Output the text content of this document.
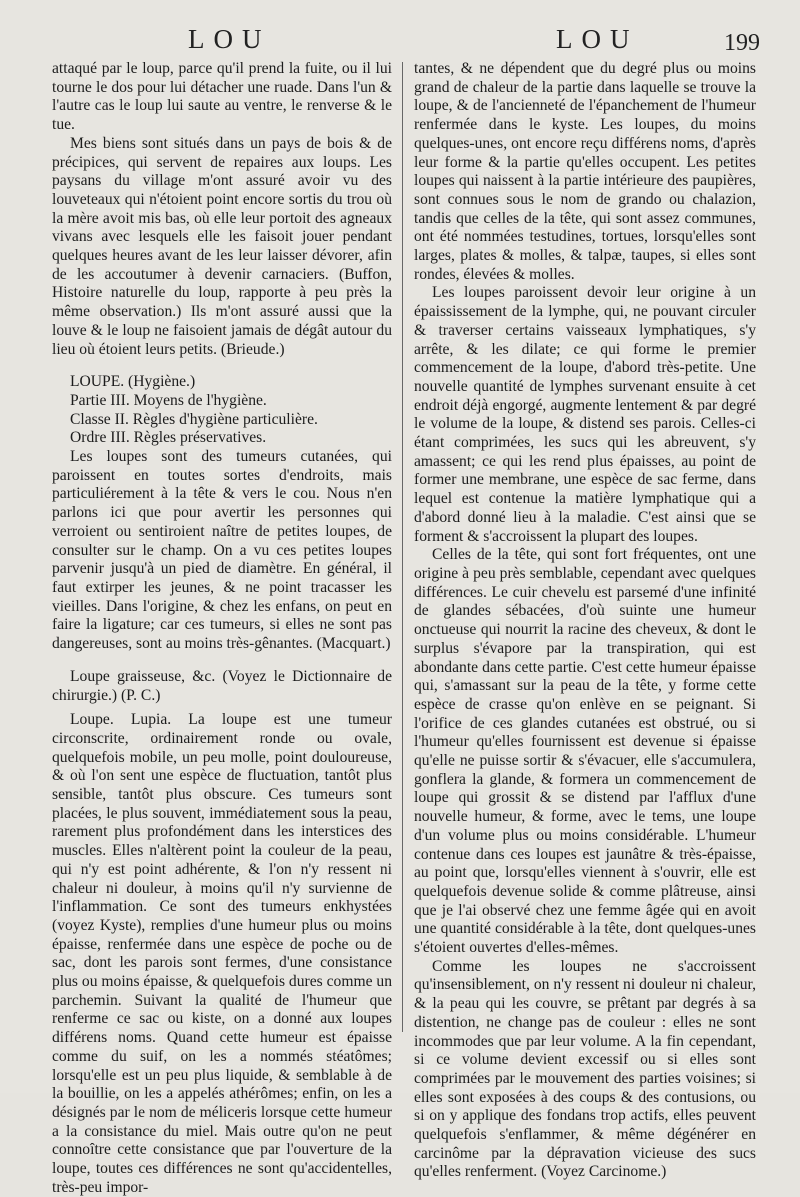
LOU	LOU	199

attaqué par le loup, parce qu'il prend la fuite, ou il lui tourne le dos pour lui détacher une ruade. Dans l'un & l'autre cas le loup lui saute au ventre, le renverse & le tue.

Mes biens sont situés dans un pays de bois & de précipices, qui servent de repaires aux loups. Les paysans du village m'ont assuré avoir vu des louveteaux qui n'étoient point encore sortis du trou où la mère avoit mis bas, où elle leur portoit des agneaux vivans avec lesquels elle les faisoit jouer pendant quelques heures avant de les leur laisser dévorer, afin de les accoutumer à devenir carnaciers. (Buffon, Histoire naturelle du loup, rapporte à peu près la même observation.) Ils m'ont assuré aussi que la louve & le loup ne faisoient jamais de dégât autour du lieu où étoient leurs petits. (Brieude.)

LOUPE. (Hygiène.)

Partie III. Moyens de l'hygiène.

Classe II. Règles d'hygiène particulière.

Ordre III. Règles préservatives.

Les loupes sont des tumeurs cutanées, qui paroissent en toutes sortes d'endroits, mais particuliérement à la tête & vers le cou. Nous n'en parlons ici que pour avertir les personnes qui verroient ou sentiroient naître de petites loupes, de consulter sur le champ. On a vu ces petites loupes parvenir jusqu'à un pied de diamètre. En général, il faut extirper les jeunes, & ne point tracasser les vieilles. Dans l'origine, & chez les enfans, on peut en faire la ligature; car ces tumeurs, si elles ne sont pas dangereuses, sont au moins très-gênantes. (Macquart.)

Loupe graisseuse, &c. (Voyez le Dictionnaire de chirurgie.) (P. C.)

Loupe. Lupia. La loupe est une tumeur circonscrite, ordinairement ronde ou ovale, quelquefois mobile, un peu molle, point douloureuse, & où l'on sent une espèce de fluctuation, tantôt plus sensible, tantôt plus obscure. Ces tumeurs sont placées, le plus souvent, immédiatement sous la peau, rarement plus profondément dans les interstices des muscles. Elles n'altèrent point la couleur de la peau, qui n'y est point adhérente, & l'on n'y ressent ni chaleur ni douleur, à moins qu'il n'y survienne de l'inflammation. Ce sont des tumeurs enkhystées (voyez Kyste), remplies d'une humeur plus ou moins épaisse, renfermée dans une espèce de poche ou de sac, dont les parois sont fermes, d'une consistance plus ou moins épaisse, & quelquefois dures comme un parchemin. Suivant la qualité de l'humeur que renferme ce sac ou kiste, on a donné aux loupes différens noms. Quand cette humeur est épaisse comme du suif, on les a nommés stéatômes; lorsqu'elle est un peu plus liquide, & semblable à de la bouillie, on les a appelés athérômes; enfin, on les a désignés par le nom de méliceris lorsque cette humeur a la consistance du miel. Mais outre qu'on ne peut connoître cette consistance que par l'ouverture de la loupe, toutes ces différences ne sont qu'accidentelles, très-peu impor-

tantes, & ne dépendent que du degré plus ou moins grand de chaleur de la partie dans laquelle se trouve la loupe, & de l'ancienneté de l'épanchement de l'humeur renfermée dans le kyste. Les loupes, du moins quelques-unes, ont encore reçu différens noms, d'après leur forme & la partie qu'elles occupent. Les petites loupes qui naissent à la partie intérieure des paupières, sont connues sous le nom de grando ou chalazion, tandis que celles de la tête, qui sont assez communes, ont été nommées testudines, tortues, lorsqu'elles sont larges, plates & molles, & talpæ, taupes, si elles sont rondes, élevées & molles.

Les loupes paroissent devoir leur origine à un épaississement de la lymphe, qui, ne pouvant circuler & traverser certains vaisseaux lymphatiques, s'y arrête, & les dilate; ce qui forme le premier commencement de la loupe, d'abord très-petite. Une nouvelle quantité de lymphes survenant ensuite à cet endroit déjà engorgé, augmente lentement & par degré le volume de la loupe, & distend ses parois. Celles-ci étant comprimées, les sucs qui les abreuvent, s'y amassent; ce qui les rend plus épaisses, au point de former une membrane, une espèce de sac ferme, dans lequel est contenue la matière lymphatique qui a d'abord donné lieu à la maladie. C'est ainsi que se forment & s'accroissent la plupart des loupes.

Celles de la tête, qui sont fort fréquentes, ont une origine à peu près semblable, cependant avec quelques différences. Le cuir chevelu est parsemé d'une infinité de glandes sébacées, d'où suinte une humeur onctueuse qui nourrit la racine des cheveux, & dont le surplus s'évapore par la transpiration, qui est abondante dans cette partie. C'est cette humeur épaisse qui, s'amassant sur la peau de la tête, y forme cette espèce de crasse qu'on enlève en se peignant. Si l'orifice de ces glandes cutanées est obstrué, ou si l'humeur qu'elles fournissent est devenue si épaisse qu'elle ne puisse sortir & s'évacuer, elle s'accumulera, gonflera la glande, & formera un commencement de loupe qui grossit & se distend par l'afflux d'une nouvelle humeur, & forme, avec le tems, une loupe d'un volume plus ou moins considérable. L'humeur contenue dans ces loupes est jaunâtre & très-épaisse, au point que, lorsqu'elles viennent à s'ouvrir, elle est quelquefois devenue solide & comme plâtreuse, ainsi que je l'ai observé chez une femme âgée qui en avoit une quantité considérable à la tête, dont quelques-unes s'étoient ouvertes d'elles-mêmes.

Comme les loupes ne s'accroissent qu'insensiblement, on n'y ressent ni douleur ni chaleur, & la peau qui les couvre, se prêtant par degrés à sa distention, ne change pas de couleur : elles ne sont incommodes que par leur volume. A la fin cependant, si ce volume devient excessif ou si elles sont comprimées par le mouvement des parties voisines; si elles sont exposées à des coups & des contusions, ou si on y applique des fondans trop actifs, elles peuvent quelquefois s'enflammer, & même dégénérer en carcinôme par la dépravation vicieuse des sucs qu'elles renferment. (Voyez Carcinome.)
